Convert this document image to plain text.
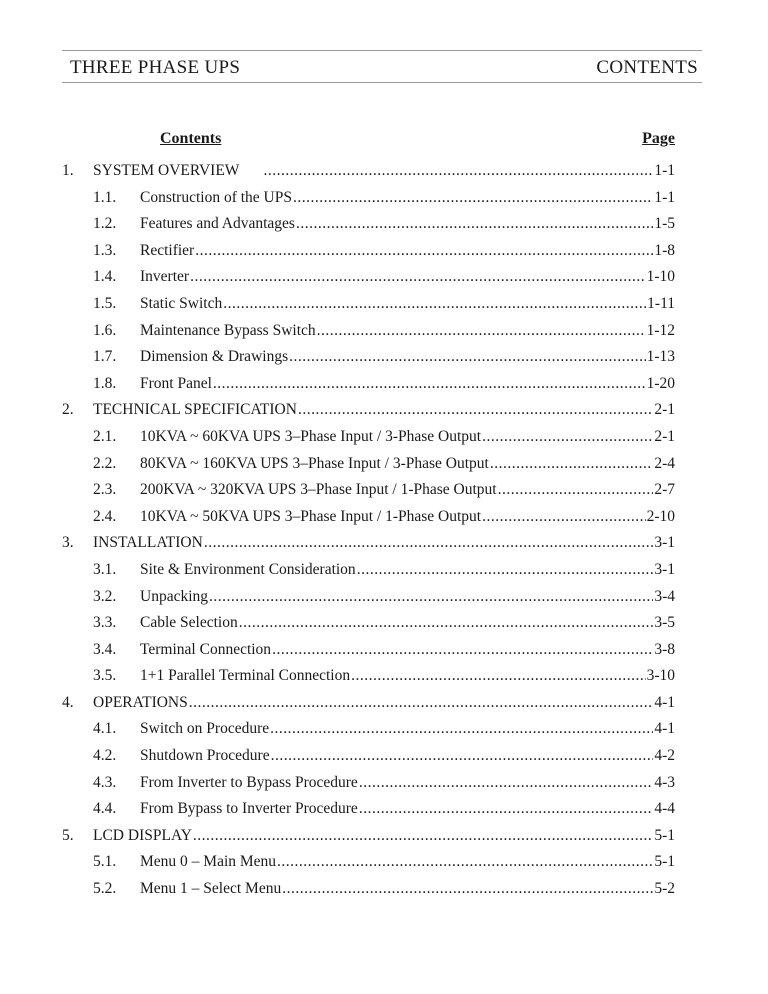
THREE PHASE UPS	CONTENTS
Contents	Page
1.	SYSTEM OVERVIEW .....	1-1
1.1.	Construction of the UPS .....	1-1
1.2.	Features and Advantages .....	1-5
1.3.	Rectifier .....	1-8
1.4.	Inverter .....	1-10
1.5.	Static Switch .....	1-11
1.6.	Maintenance Bypass Switch .....	1-12
1.7.	Dimension & Drawings .....	1-13
1.8.	Front Panel .....	1-20
2.	TECHNICAL SPECIFICATION .....	2-1
2.1.	10KVA ~ 60KVA UPS 3–Phase Input / 3-Phase Output .....	2-1
2.2.	80KVA ~ 160KVA UPS 3–Phase Input / 3-Phase Output .....	2-4
2.3.	200KVA ~ 320KVA UPS 3–Phase Input / 1-Phase Output .....	2-7
2.4.	10KVA ~ 50KVA UPS 3–Phase Input / 1-Phase Output .....	2-10
3.	INSTALLATION .....	3-1
3.1.	Site & Environment Consideration .....	3-1
3.2.	Unpacking .....	3-4
3.3.	Cable Selection .....	3-5
3.4.	Terminal Connection .....	3-8
3.5.	1+1 Parallel Terminal Connection .....	3-10
4.	OPERATIONS .....	4-1
4.1.	Switch on Procedure .....	4-1
4.2.	Shutdown Procedure .....	4-2
4.3.	From Inverter to Bypass Procedure .....	4-3
4.4.	From Bypass to Inverter Procedure .....	4-4
5.	LCD DISPLAY .....	5-1
5.1.	Menu 0 – Main Menu .....	5-1
5.2.	Menu 1 – Select Menu .....	5-2
